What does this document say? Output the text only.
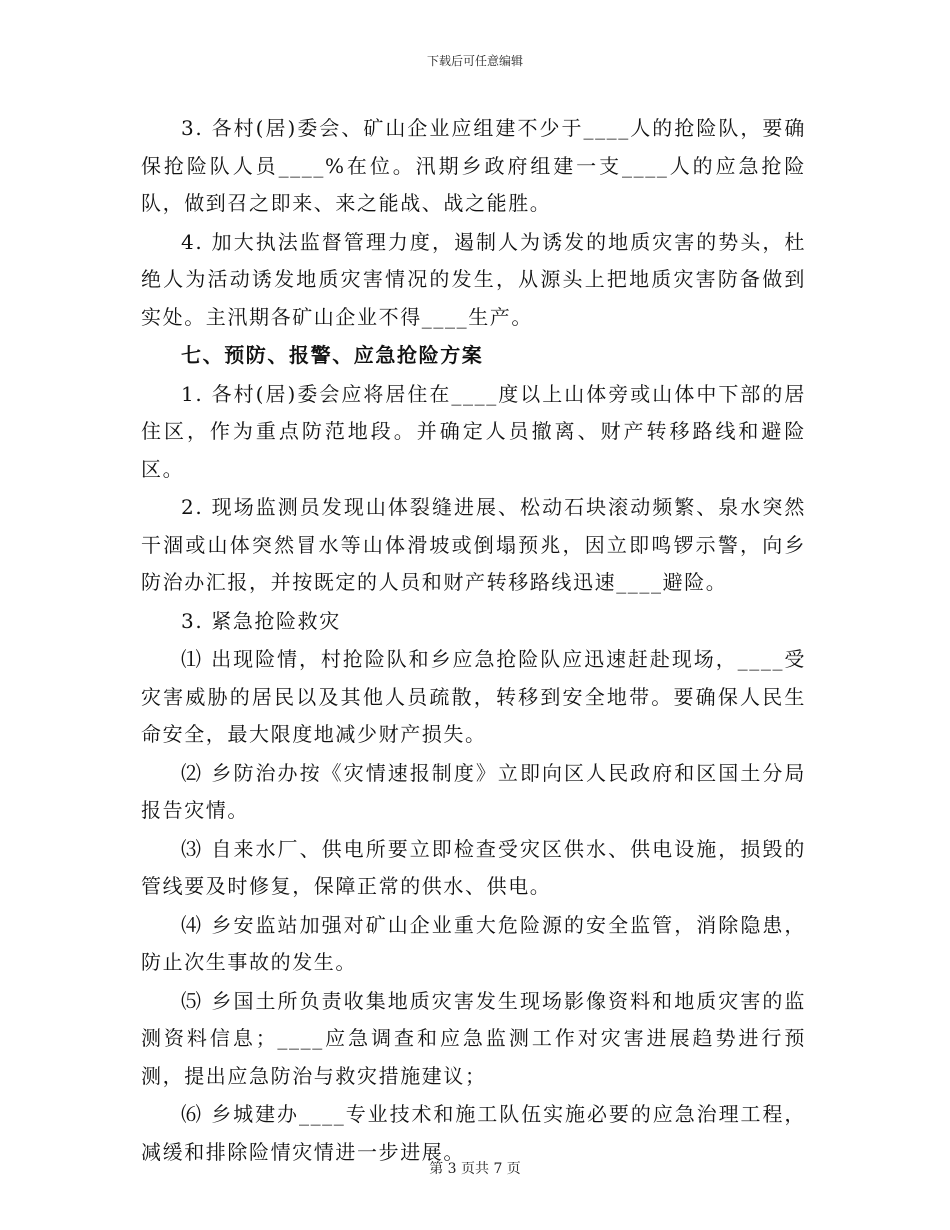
下载后可任意编辑

3. 各村(居)委会、矿山企业应组建不少于____人的抢险队，要确保抢险队人员____%在位。汛期乡政府组建一支____人的应急抢险队，做到召之即来、来之能战、战之能胜。

4. 加大执法监督管理力度，遏制人为诱发的地质灾害的势头，杜绝人为活动诱发地质灾害情况的发生，从源头上把地质灾害防备做到实处。主汛期各矿山企业不得____生产。

七、预防、报警、应急抢险方案

1. 各村(居)委会应将居住在____度以上山体旁或山体中下部的居住区，作为重点防范地段。并确定人员撤离、财产转移路线和避险区。

2. 现场监测员发现山体裂缝进展、松动石块滚动频繁、泉水突然干涸或山体突然冒水等山体滑坡或倒塌预兆，因立即鸣锣示警，向乡防治办汇报，并按既定的人员和财产转移路线迅速____避险。

3. 紧急抢险救灾

⑴ 出现险情，村抢险队和乡应急抢险队应迅速赶赴现场，____受灾害威胁的居民以及其他人员疏散，转移到安全地带。要确保人民生命安全，最大限度地减少财产损失。

⑵ 乡防治办按《灾情速报制度》立即向区人民政府和区国土分局报告灾情。

⑶ 自来水厂、供电所要立即检查受灾区供水、供电设施，损毁的管线要及时修复，保障正常的供水、供电。

⑷ 乡安监站加强对矿山企业重大危险源的安全监管，消除隐患，防止次生事故的发生。

⑸ 乡国土所负责收集地质灾害发生现场影像资料和地质灾害的监测资料信息；____应急调查和应急监测工作对灾害进展趋势进行预测，提出应急防治与救灾措施建议；

⑹ 乡城建办____专业技术和施工队伍实施必要的应急治理工程，减缓和排除险情灾情进一步进展。

第 3 页共 7 页
